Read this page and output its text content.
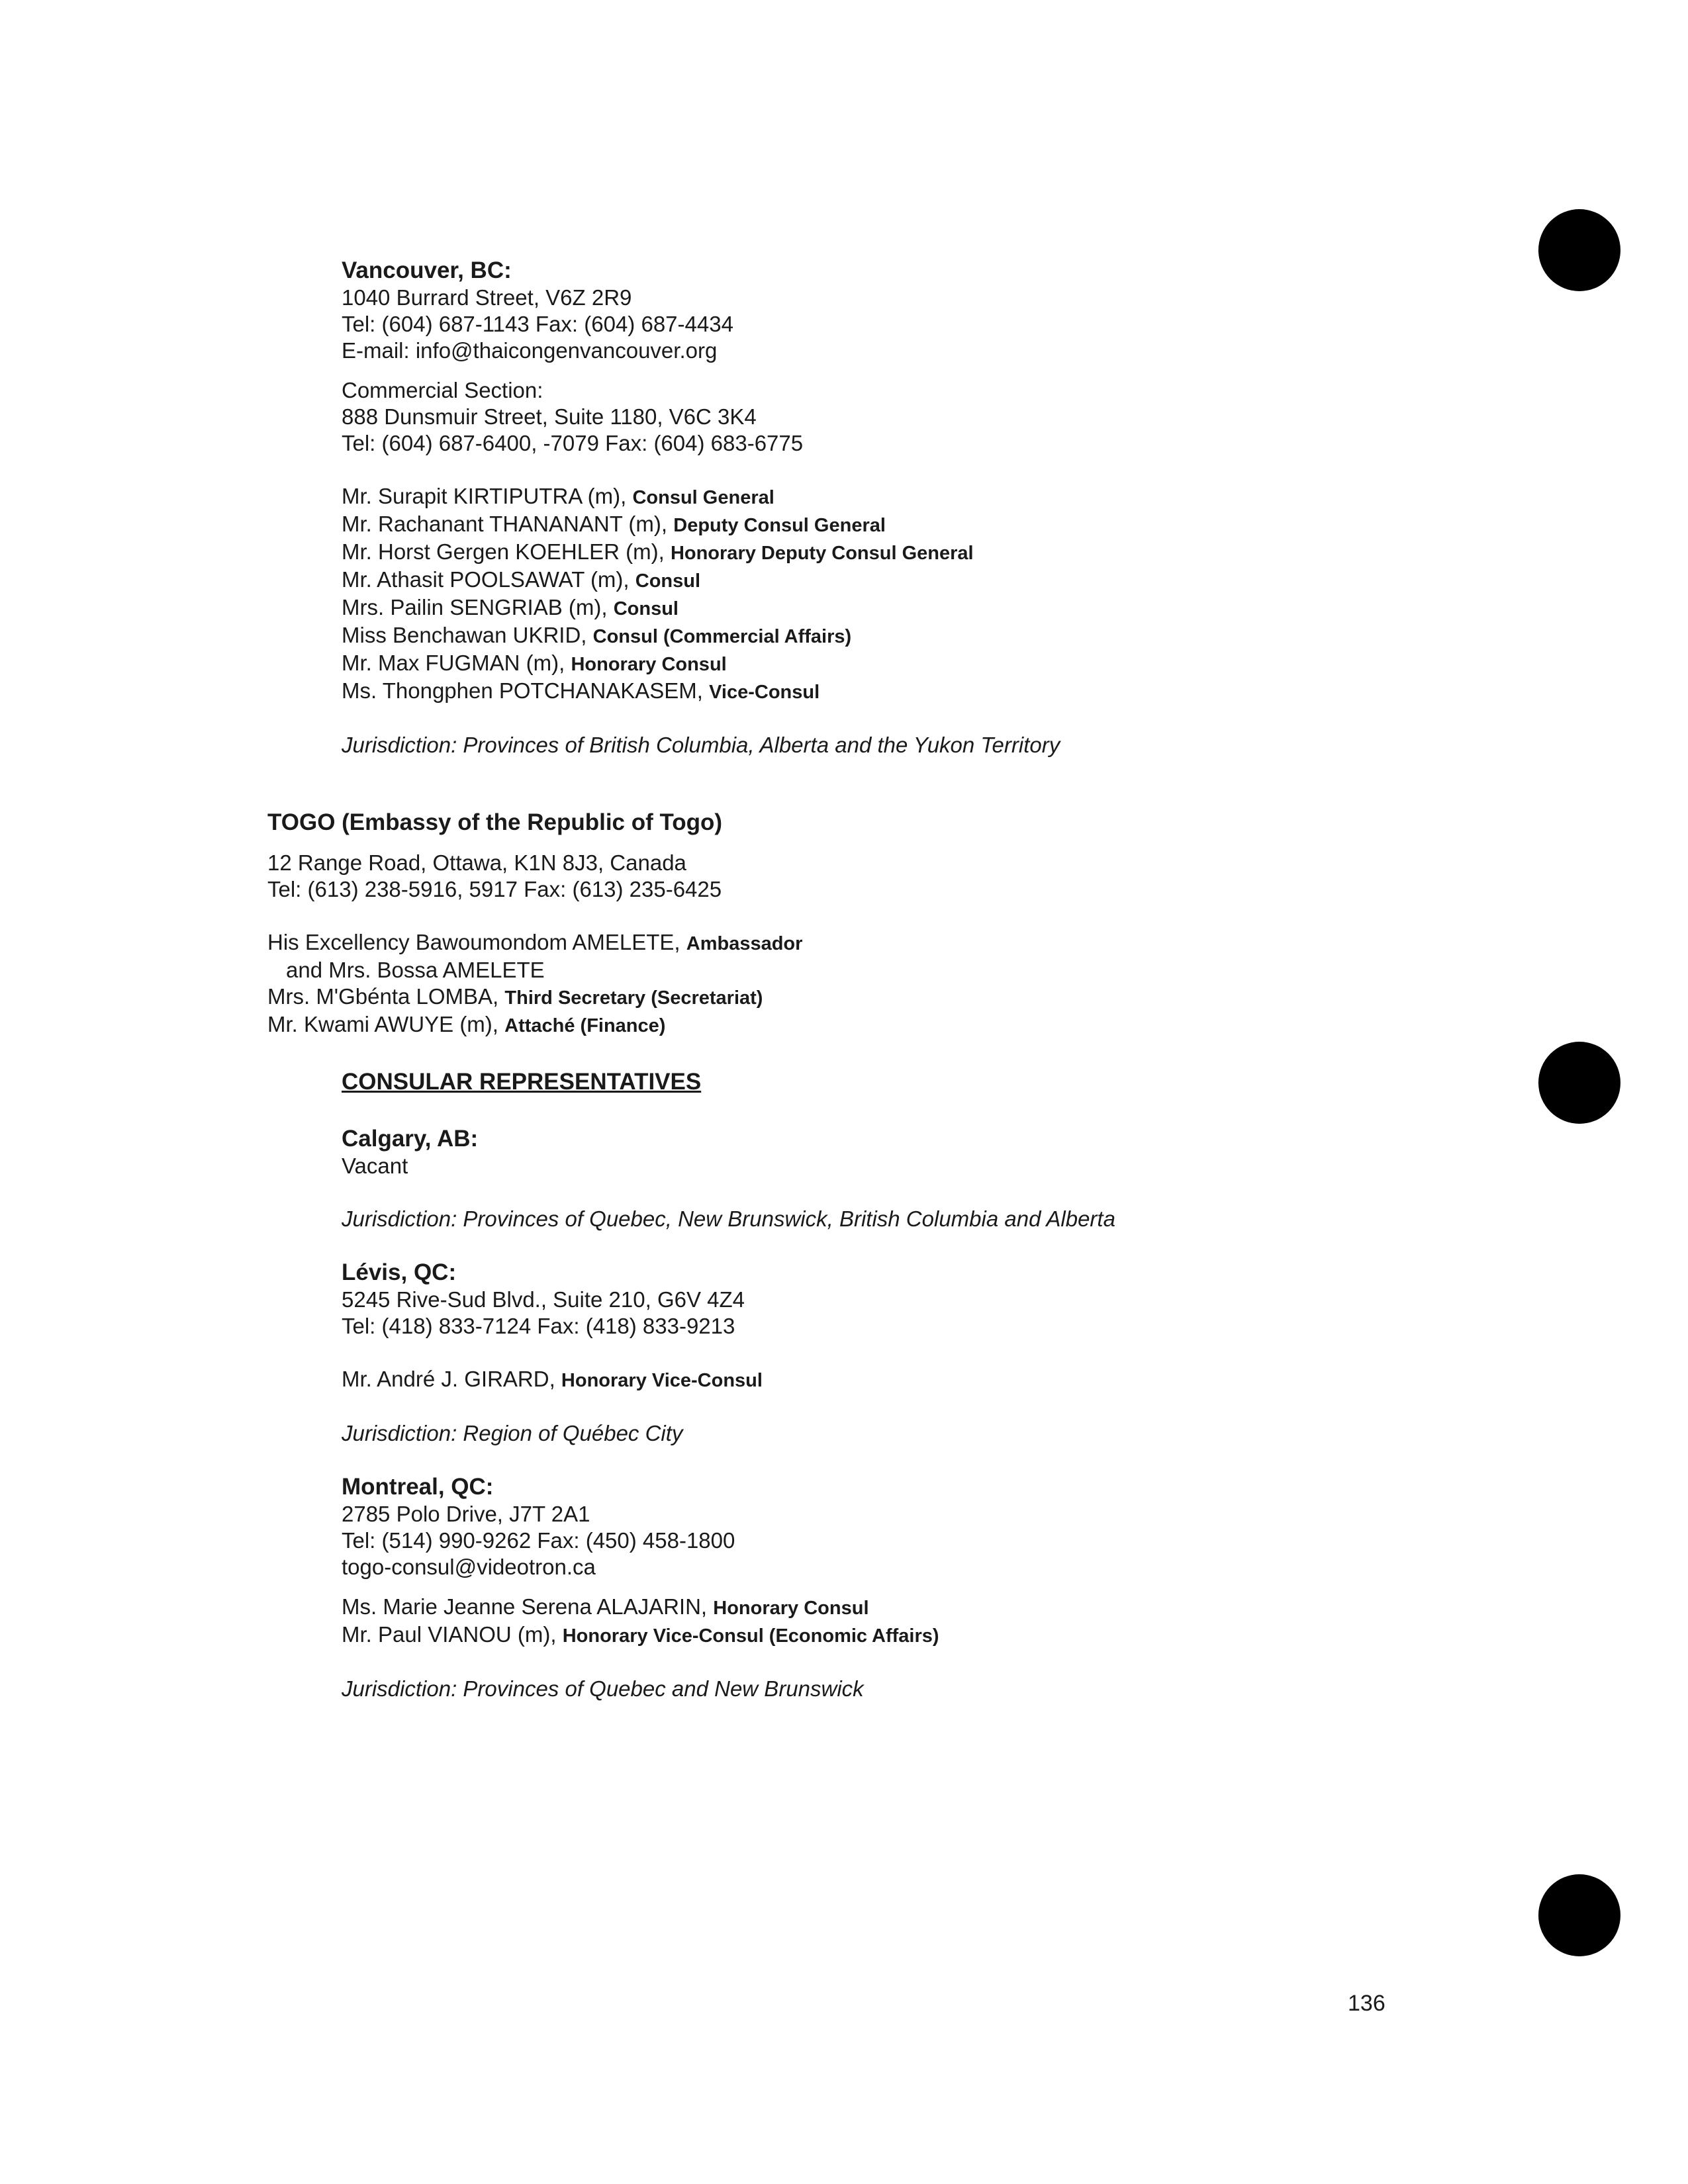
Vancouver, BC:
1040 Burrard Street, V6Z 2R9
Tel: (604) 687-1143 Fax: (604) 687-4434
E-mail: info@thaicongenvancouver.org
Commercial Section:
888 Dunsmuir Street, Suite 1180, V6C 3K4
Tel: (604) 687-6400, -7079 Fax: (604) 683-6775
Mr. Surapit KIRTIPUTRA (m), Consul General
Mr. Rachanant THANANANT (m), Deputy Consul General
Mr. Horst Gergen KOEHLER (m), Honorary Deputy Consul General
Mr. Athasit POOLSAWAT (m), Consul
Mrs. Pailin SENGRIAB (m), Consul
Miss Benchawan UKRID, Consul (Commercial Affairs)
Mr. Max FUGMAN (m), Honorary Consul
Ms. Thongphen POTCHANAKASEM, Vice-Consul
Jurisdiction: Provinces of British Columbia, Alberta and the Yukon Territory
TOGO (Embassy of the Republic of Togo)
12 Range Road, Ottawa, K1N 8J3, Canada
Tel: (613) 238-5916, 5917 Fax: (613) 235-6425
His Excellency Bawoumondom AMELETE, Ambassador
and Mrs. Bossa AMELETE
Mrs. M'Gbénta LOMBA, Third Secretary (Secretariat)
Mr. Kwami AWUYE (m), Attaché (Finance)
CONSULAR REPRESENTATIVES
Calgary, AB:
Vacant
Jurisdiction: Provinces of Quebec, New Brunswick, British Columbia and Alberta
Lévis, QC:
5245 Rive-Sud Blvd., Suite 210, G6V 4Z4
Tel: (418) 833-7124 Fax: (418) 833-9213
Mr. André J. GIRARD, Honorary Vice-Consul
Jurisdiction: Region of Québec City
Montreal, QC:
2785 Polo Drive, J7T 2A1
Tel: (514) 990-9262 Fax: (450) 458-1800
togo-consul@videotron.ca
Ms. Marie Jeanne Serena ALAJARIN, Honorary Consul
Mr. Paul VIANOU (m), Honorary Vice-Consul (Economic Affairs)
Jurisdiction: Provinces of Quebec and New Brunswick
136
